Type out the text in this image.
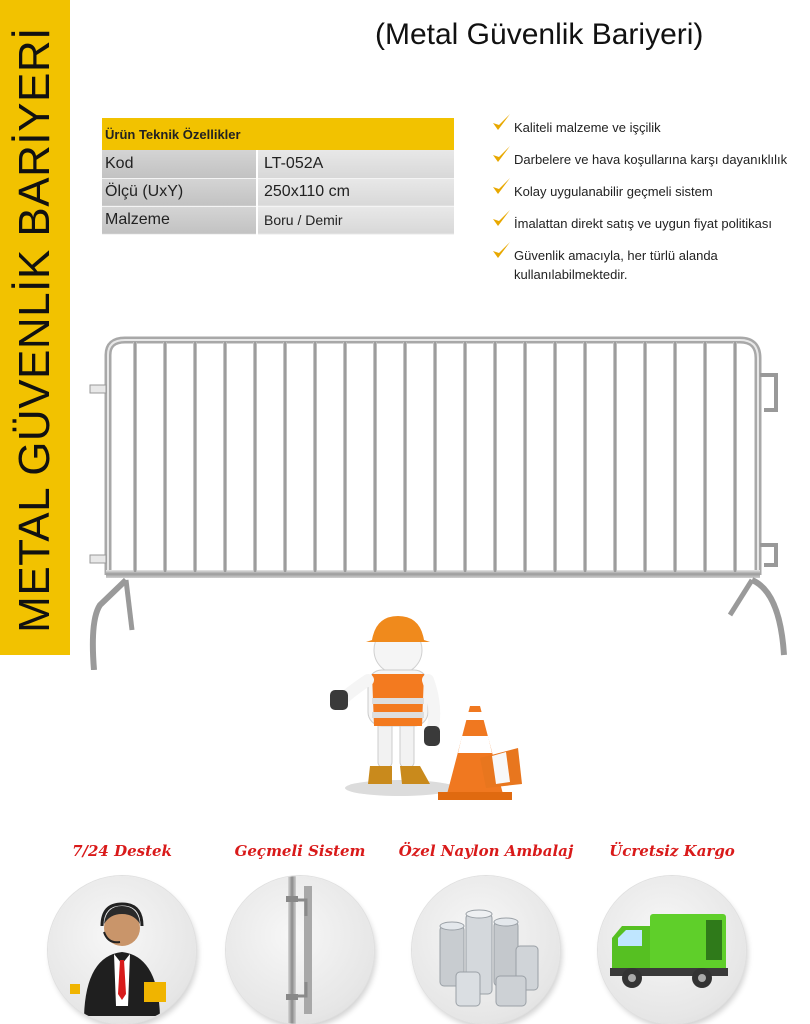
METAL GÜVENLİK BARİYERİ	(Metal Güvenlik Bariyeri)
Ürün Teknik Özellikler	
Kod	LT-052A
Ölçü (UxY)	250x110 cm
Malzeme	Boru / Demir
Kaliteli malzeme ve işçilik
Darbelere ve hava koşullarına karşı dayanıklılık
Kolay uygulanabilir geçmeli sistem
İmalattan direkt satış ve uygun fiyat politikası
Güvenlik amacıyla, her türlü alanda kullanılabilmektedir.
7/24 Destek	Geçmeli Sistem	Özel Naylon Ambalaj	Ücretsiz Kargo
